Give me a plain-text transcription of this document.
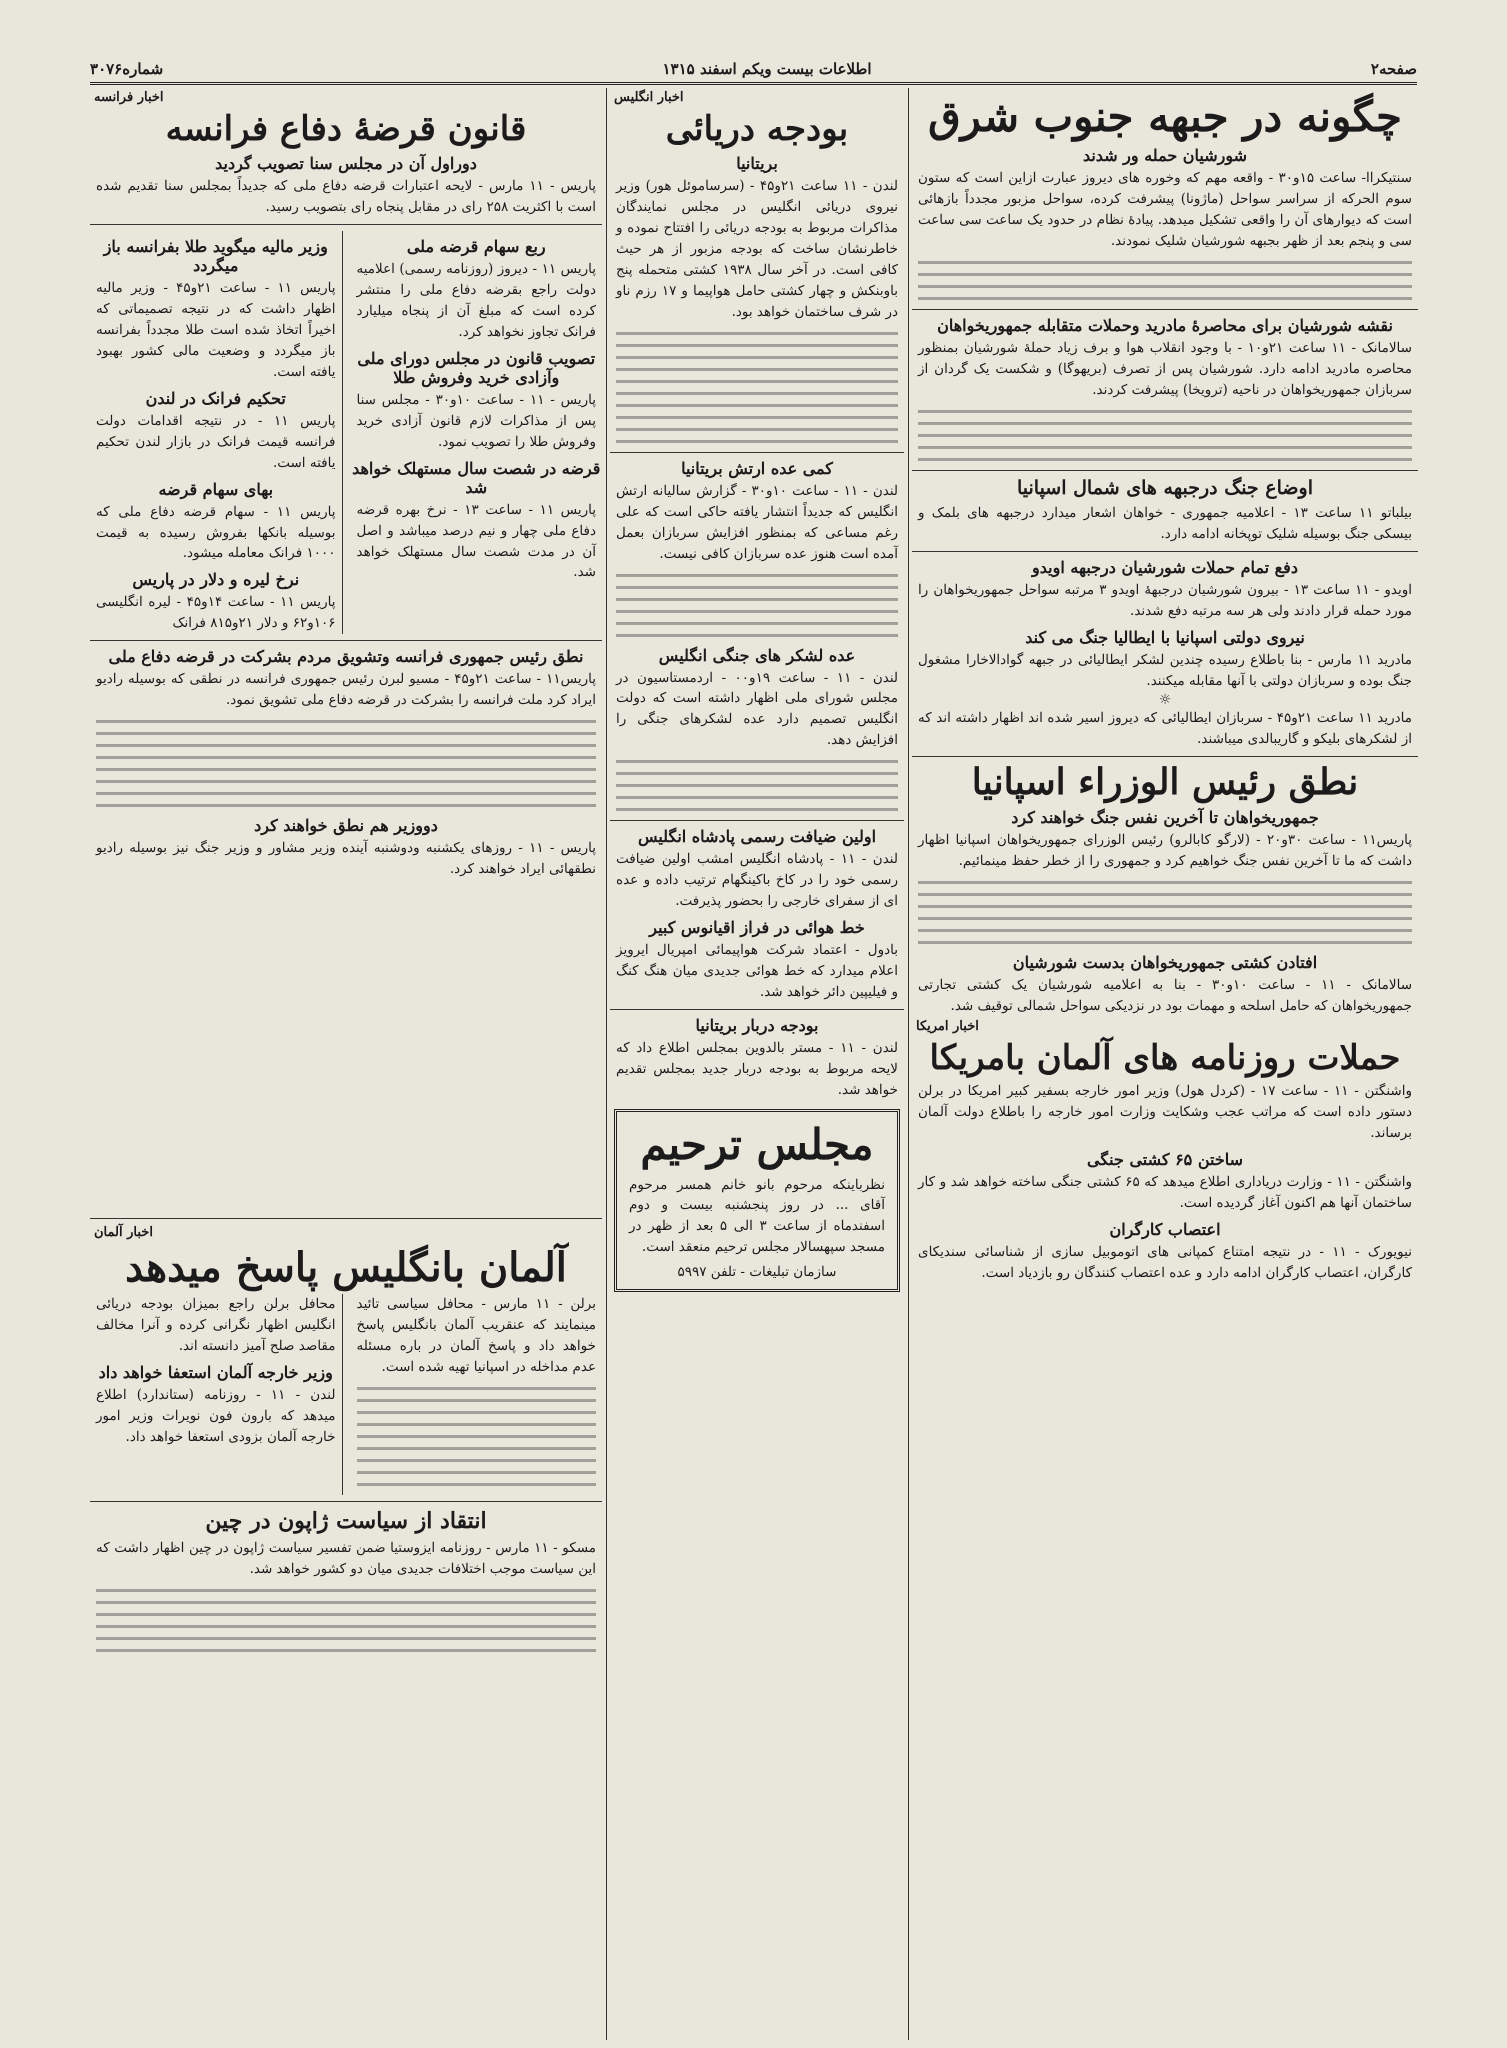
صفحه۲
اطلاعات بیست ویکم اسفند ۱۳۱۵
شماره۳۰۷۶
چگونه در جبهه جنوب شرق
شورشیان حمله ور شدند
سنتیکراا- ساعت ۱۵و۳۰ - واقعه مهم که وخوره های دیروز عبارت ازاین است که ستون سوم الحرکه از سراسر سواحل (ماژونا) پیشرفت کرده، سواحل مزبور مجدداً بازهائی است که دیوارهای آن را واقعی تشکیل میدهد. پیادهٔ نظام در حدود یک ساعت سی ساعت سی و پنجم بعد از ظهر بجبهه شورشیان شلیک نمودند.
نقشه شورشیان برای محاصرهٔ مادرید وحملات متقابله جمهوریخواهان
سالامانک - ۱۱ ساعت ۲۱و۱۰ - با وجود انقلاب هوا و برف زیاد حملهٔ شورشیان بمنظور محاصره مادرید ادامه دارد. شورشیان پس از تصرف (بریهوگا) و شکست یک گردان از سربازان جمهوریخواهان در ناحیه (ترویخا) پیشرفت کردند.
اوضاع جنگ درجبهه های شمال اسپانیا
بیلباتو ۱۱ ساعت ۱۳ - اعلامیه جمهوری - خواهان اشعار میدارد درجبهه های بلمک و بیسکی جنگ بوسیله شلیک توپخانه ادامه دارد.
دفع تمام حملات شورشیان درجبهه اویدو
اویدو - ۱۱ ساعت ۱۳ - بیرون شورشیان درجبههٔ اویدو ۳ مرتبه سواحل جمهوریخواهان را مورد حمله قرار دادند ولی هر سه مرتبه دفع شدند.
نیروی دولتی اسپانیا با ایطالیا جنگ می کند
مادرید ۱۱ مارس - بنا باطلاع رسیده چندین لشکر ایطالیائی در جبهه گوادالاخارا مشغول جنگ بوده و سربازان دولتی با آنها مقابله میکنند.
☼
مادرید ۱۱ ساعت ۲۱و۴۵ - سربازان ایطالیائی که دیروز اسیر شده اند اظهار داشته اند که از لشکرهای بلیکو و گاریبالدی میباشند.
نطق رئیس الوزراء اسپانیا
جمهوریخواهان تا آخرین نفس جنگ خواهند کرد
پاریس۱۱ - ساعت ۳۰و۲۰ - (لارگو کابالرو) رئیس الوزرای جمهوریخواهان اسپانیا اظهار داشت که ما تا آخرین نفس جنگ خواهیم کرد و جمهوری را از خطر حفظ مینمائیم.
افتادن کشتی جمهوریخواهان بدست شورشیان
سالامانک - ۱۱ - ساعت ۱۰و۳۰ - بنا به اعلامیه شورشیان یک کشتی تجارتی جمهوریخواهان که حامل اسلحه و مهمات بود در نزدیکی سواحل شمالی توقیف شد.
اخبار امریکا
حملات روزنامه های آلمان بامریکا
واشنگتن - ۱۱ - ساعت ۱۷ - (کردل هول) وزیر امور خارجه بسفیر کبیر امریکا در برلن دستور داده است که مراتب عجب وشکایت وزارت امور خارجه را باطلاع دولت آلمان برساند.
ساختن ۶۵ کشتی جنگی
واشنگتن - ۱۱ - وزارت دریاداری اطلاع میدهد که ۶۵ کشتی جنگی ساخته خواهد شد و کار ساختمان آنها هم اکنون آغاز گردیده است.
اعتصاب کارگران
نیویورک - ۱۱ - در نتیجه امتناع کمپانی های اتوموبیل سازی از شناسائی سندیکای کارگران، اعتصاب کارگران ادامه دارد و عده اعتصاب کنندگان رو بازدیاد است.
اخبار انگلیس
بودجه دریائی
بریتانیا
لندن - ۱۱ ساعت ۲۱و۴۵ - (سرساموئل هور) وزیر نیروی دریائی انگلیس در مجلس نمایندگان مذاکرات مربوط به بودجه دریائی را افتتاح نموده و خاطرنشان ساخت که بودجه مزبور از هر حیث کافی است. در آخر سال ۱۹۳۸ کشتی متحمله پنج باوبنکش و چهار کشتی حامل هواپیما و ۱۷ رزم ناو در شرف ساختمان خواهد بود.
کمی عده ارتش بریتانیا
لندن - ۱۱ - ساعت ۱۰و۳۰ - گزارش سالیانه ارتش انگلیس که جدیداً انتشار یافته حاکی است که علی رغم مساعی که بمنظور افزایش سربازان بعمل آمده است هنوز عده سربازان کافی نیست.
عده لشکر های جنگی انگلیس
لندن - ۱۱ - ساعت ۱۹و۰۰ - اردمستاسیون در مجلس شورای ملی اظهار داشته است که دولت انگلیس تصمیم دارد عده لشکرهای جنگی را افزایش دهد.
اولین ضیافت رسمی پادشاه انگلیس
لندن - ۱۱ - پادشاه انگلیس امشب اولین ضیافت رسمی خود را در کاخ باکینگهام ترتیب داده و عده ای از سفرای خارجی را بحضور پذیرفت.
خط هوائی در فراز اقیانوس کبیر
بادول - اعتماد شرکت هواپیمائی امپریال ایرویز اعلام میدارد که خط هوائی جدیدی میان هنگ کنگ و فیلیپین دائر خواهد شد.
بودجه دربار بریتانیا
لندن - ۱۱ - مستر بالدوین بمجلس اطلاع داد که لایحه مربوط به بودجه دربار جدید بمجلس تقدیم خواهد شد.
مجلس ترحیم
نظرباینکه مرحوم بانو خانم همسر مرحوم آقای ... در روز پنجشنبه بیست و دوم اسفندماه از ساعت ۳ الی ۵ بعد از ظهر در مسجد سپهسالار مجلس ترحیم منعقد است.
سازمان تبلیغات - تلفن ۵۹۹۷
اخبار فرانسه
قانون قرضهٔ دفاع فرانسه
دوراول آن در مجلس سنا تصویب گردید
پاریس - ۱۱ مارس - لایحه اعتبارات قرضه دفاع ملی که جدیداً بمجلس سنا تقدیم شده است با اکثریت ۲۵۸ رای در مقابل پنجاه رای بتصویب رسید.
ربع سهام قرضه ملی
پاریس ۱۱ - دیروز (روزنامه رسمی) اعلامیه دولت راجع بقرضه دفاع ملی را منتشر کرده است که مبلغ آن از پنجاه میلیارد فرانک تجاوز نخواهد کرد.
تصویب قانون در مجلس دورای ملی وآزادی خرید وفروش طلا
پاریس - ۱۱ - ساعت ۱۰و۳۰ - مجلس سنا پس از مذاکرات لازم قانون آزادی خرید وفروش طلا را تصویب نمود.
قرضه در شصت سال مستهلک خواهد شد
پاریس ۱۱ - ساعت ۱۳ - نرخ بهره قرضه دفاع ملی چهار و نیم درصد میباشد و اصل آن در مدت شصت سال مستهلک خواهد شد.
وزیر مالیه میگوید طلا بفرانسه باز میگردد
پاریس ۱۱ - ساعت ۲۱و۴۵ - وزیر مالیه اظهار داشت که در نتیجه تصمیماتی که اخیراً اتخاذ شده است طلا مجدداً بفرانسه باز میگردد و وضعیت مالی کشور بهبود یافته است.
تحکیم فرانک در لندن
پاریس ۱۱ - در نتیجه اقدامات دولت فرانسه قیمت فرانک در بازار لندن تحکیم یافته است.
بهای سهام قرضه
پاریس ۱۱ - سهام قرضه دفاع ملی که بوسیله بانکها بفروش رسیده به قیمت ۱۰۰۰ فرانک معامله میشود.
نرخ لیره و دلار در پاریس
پاریس ۱۱ - ساعت ۱۴و۴۵ - لیره انگلیسی ۱۰۶و۶۲ و دلار ۲۱و۸۱۵ فرانک
نطق رئیس جمهوری فرانسه وتشویق مردم بشرکت در قرضه دفاع ملی
پاریس۱۱ - ساعت ۲۱و۴۵ - مسیو لبرن رئیس جمهوری فرانسه در نطقی که بوسیله رادیو ایراد کرد ملت فرانسه را بشرکت در قرضه دفاع ملی تشویق نمود.
دووزیر هم نطق خواهند کرد
پاریس - ۱۱ - روزهای یکشنبه ودوشنبه آینده وزیر مشاور و وزیر جنگ نیز بوسیله رادیو نطقهائی ایراد خواهند کرد.
اخبار آلمان
آلمان بانگلیس پاسخ میدهد
برلن - ۱۱ مارس - محافل سیاسی تائید مینمایند که عنقریب آلمان بانگلیس پاسخ خواهد داد و پاسخ آلمان در باره مسئله عدم مداخله در اسپانیا تهیه شده است.
محافل برلن راجع بمیزان بودجه دریائی انگلیس اظهار نگرانی کرده و آنرا مخالف مقاصد صلح آمیز دانسته اند.
وزیر خارجه آلمان استعفا خواهد داد
لندن - ۱۱ - روزنامه (ستاندارد) اطلاع میدهد که بارون فون نویرات وزیر امور خارجه آلمان بزودی استعفا خواهد داد.
انتقاد از سیاست ژاپون در چین
مسکو - ۱۱ مارس - روزنامه ایزوستیا ضمن تفسیر سیاست ژاپون در چین اظهار داشت که این سیاست موجب اختلافات جدیدی میان دو کشور خواهد شد.
